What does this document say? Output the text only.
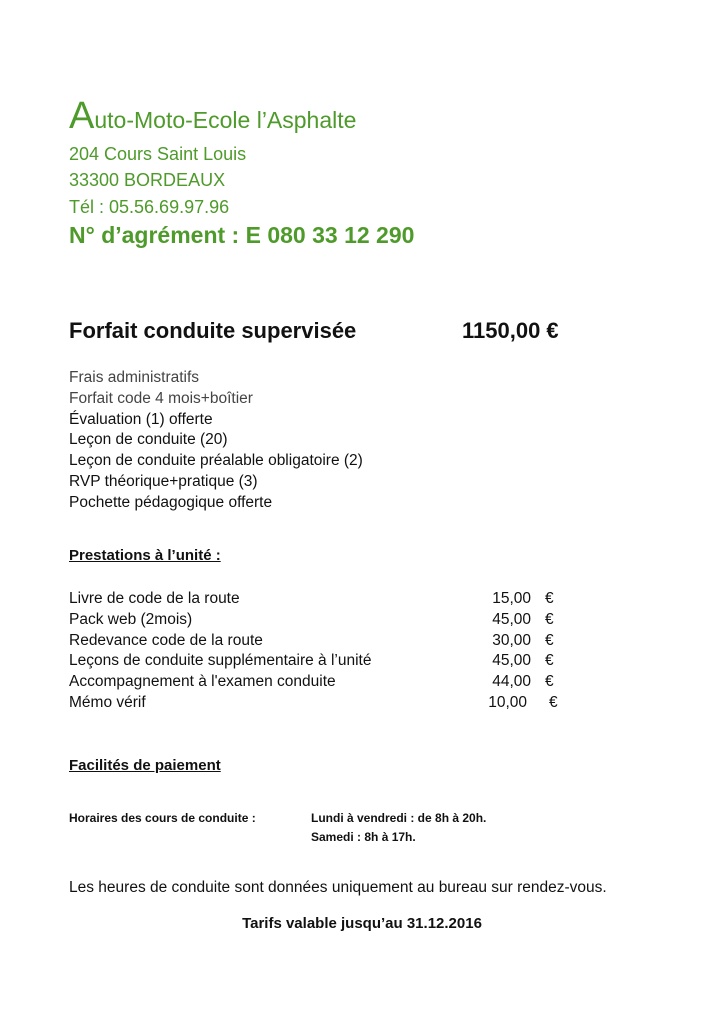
Auto-Moto-Ecole l’Asphalte
204 Cours Saint Louis
33300 BORDEAUX
Tél : 05.56.69.97.96
N° d’agrément : E 080 33 12 290
Forfait conduite supervisée	1150,00 €
Frais administratifs
Forfait code 4 mois+boîtier
Évaluation (1) offerte
Leçon de conduite (20)
Leçon de conduite préalable obligatoire (2)
RVP théorique+pratique (3)
Pochette pédagogique offerte
Prestations à l’unité :
Livre de code de la route	15,00 €
Pack web (2mois)	45,00 €
Redevance code de la route	30,00 €
Leçons de conduite supplémentaire à l’unité	45,00 €
Accompagnement à l'examen conduite	44,00 €
Mémo vérif	10,00 €
Facilités de paiement
Horaires des cours de conduite :	Lundi à vendredi : de 8h à 20h.
Samedi : 8h à 17h.
Les heures de conduite sont données uniquement au bureau sur rendez-vous.
Tarifs valable jusqu’au 31.12.2016
